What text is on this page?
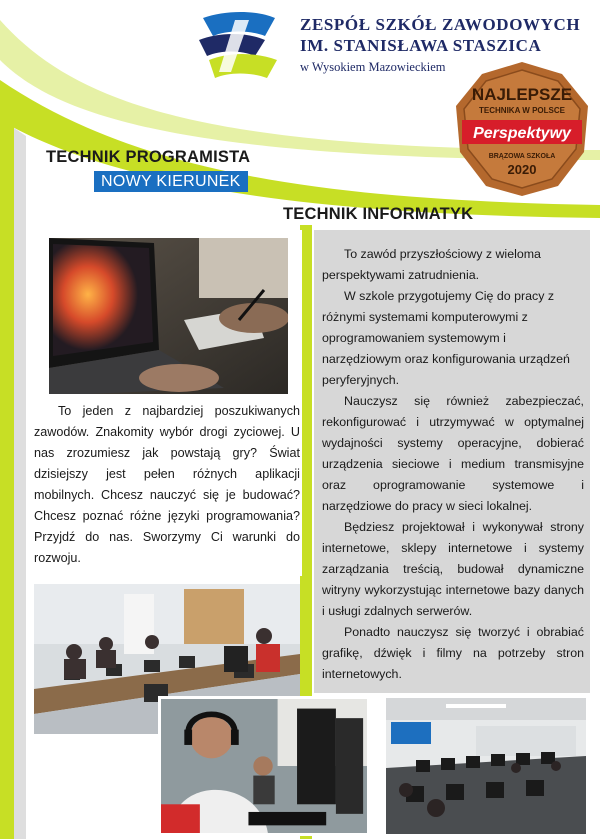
ZESPÓŁ SZKÓŁ ZAWODOWYCH
IM. STANISŁAWA STASZICA
w Wysokiem Mazowieckiem
NAJLEPSZE
TECHNIKA W POLSCE
Perspektywy
BRĄZOWA SZKOŁA
2020
TECHNIK PROGRAMISTA
NOWY KIERUNEK
TECHNIK INFORMATYK

To jeden z najbardziej poszukiwanych zawodów. Znakomity wybór drogi zyciowej. U nas zrozumiesz jak powstają gry? Świat dzisiejszy jest pełen różnych aplikacji mobilnych. Chcesz nauczyć się je budować? Chcesz poznać różne języki programowania? Przyjdź do nas. Sworzymy Ci warunki do rozwoju.

To zawód przyszłościowy z wieloma perspektywami zatrudnienia.

W szkole przygotujemy Cię do pracy z różnymi systemami komputerowymi z oprogramowaniem systemowym i narzędziowym oraz konfigurowania urządzeń peryferyjnych.

Nauczysz się również zabezpieczać, rekonfigurować i utrzymywać w optymalnej wydajności systemy operacyjne, dobierać urządzenia sieciowe i medium transmisyjne oraz oprogramowanie systemowe i narzędziowe do pracy w sieci lokalnej.

Będziesz projektował i wykonywał strony internetowe, sklepy internetowe i systemy zarządzania treścią, budował dynamiczne witryny wykorzystując internetowe bazy danych i usługi zdalnych serwerów.

Ponadto nauczysz się tworzyć i obrabiać grafikę, dźwięk i filmy na potrzeby stron internetowych.
